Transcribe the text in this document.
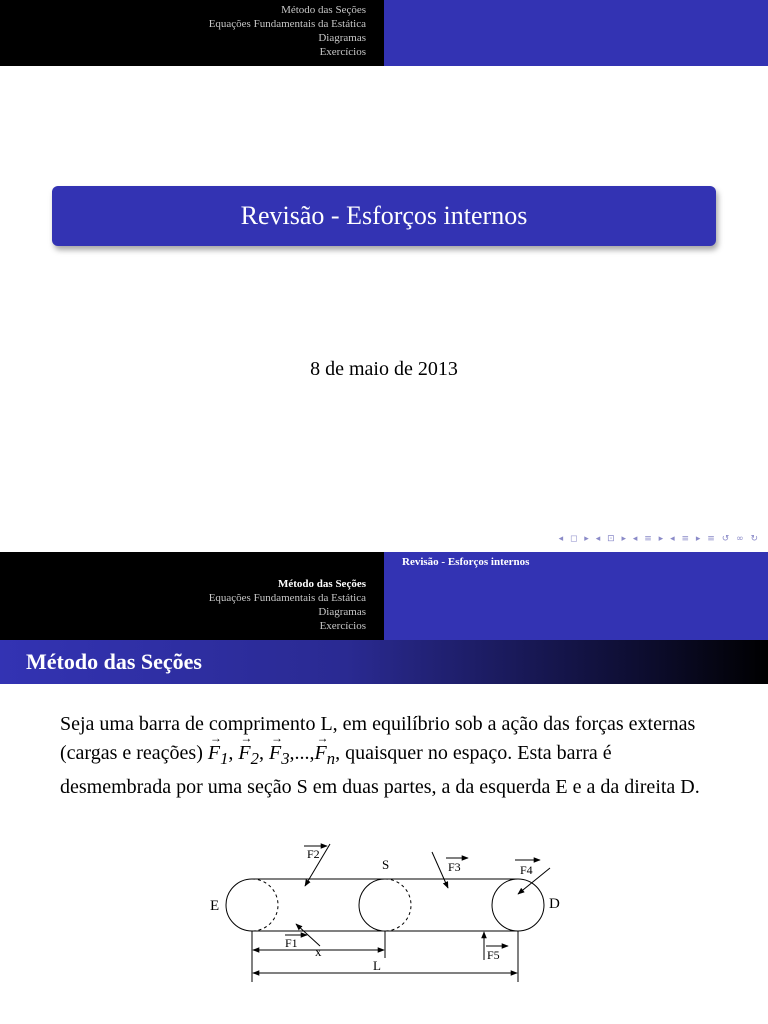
Método das Seções
Equações Fundamentais da Estática
Diagramas
Exercícios
Revisão - Esforços internos
8 de maio de 2013
◂ ◻ ▸ ◂ ⊡ ▸ ◂ ≡ ▸ ◂ ≡ ▸ ≡ ↺ ∞ ↻
Método das Seções
Equações Fundamentais da Estática
Diagramas
Exercícios
Revisão - Esforços internos
Método das Seções
Seja uma barra de comprimento L, em equilíbrio sob a ação das forças externas (cargas e reações) → $F_1$, → $F_2$, → $F_3,...,\to F_n$, quaisquer no espaço. Esta barra é desmembrada por uma seção S em duas partes, a da esquerda E e a da direita D.
E	D
S
x
L
F1
F2
F3	F4
F5
